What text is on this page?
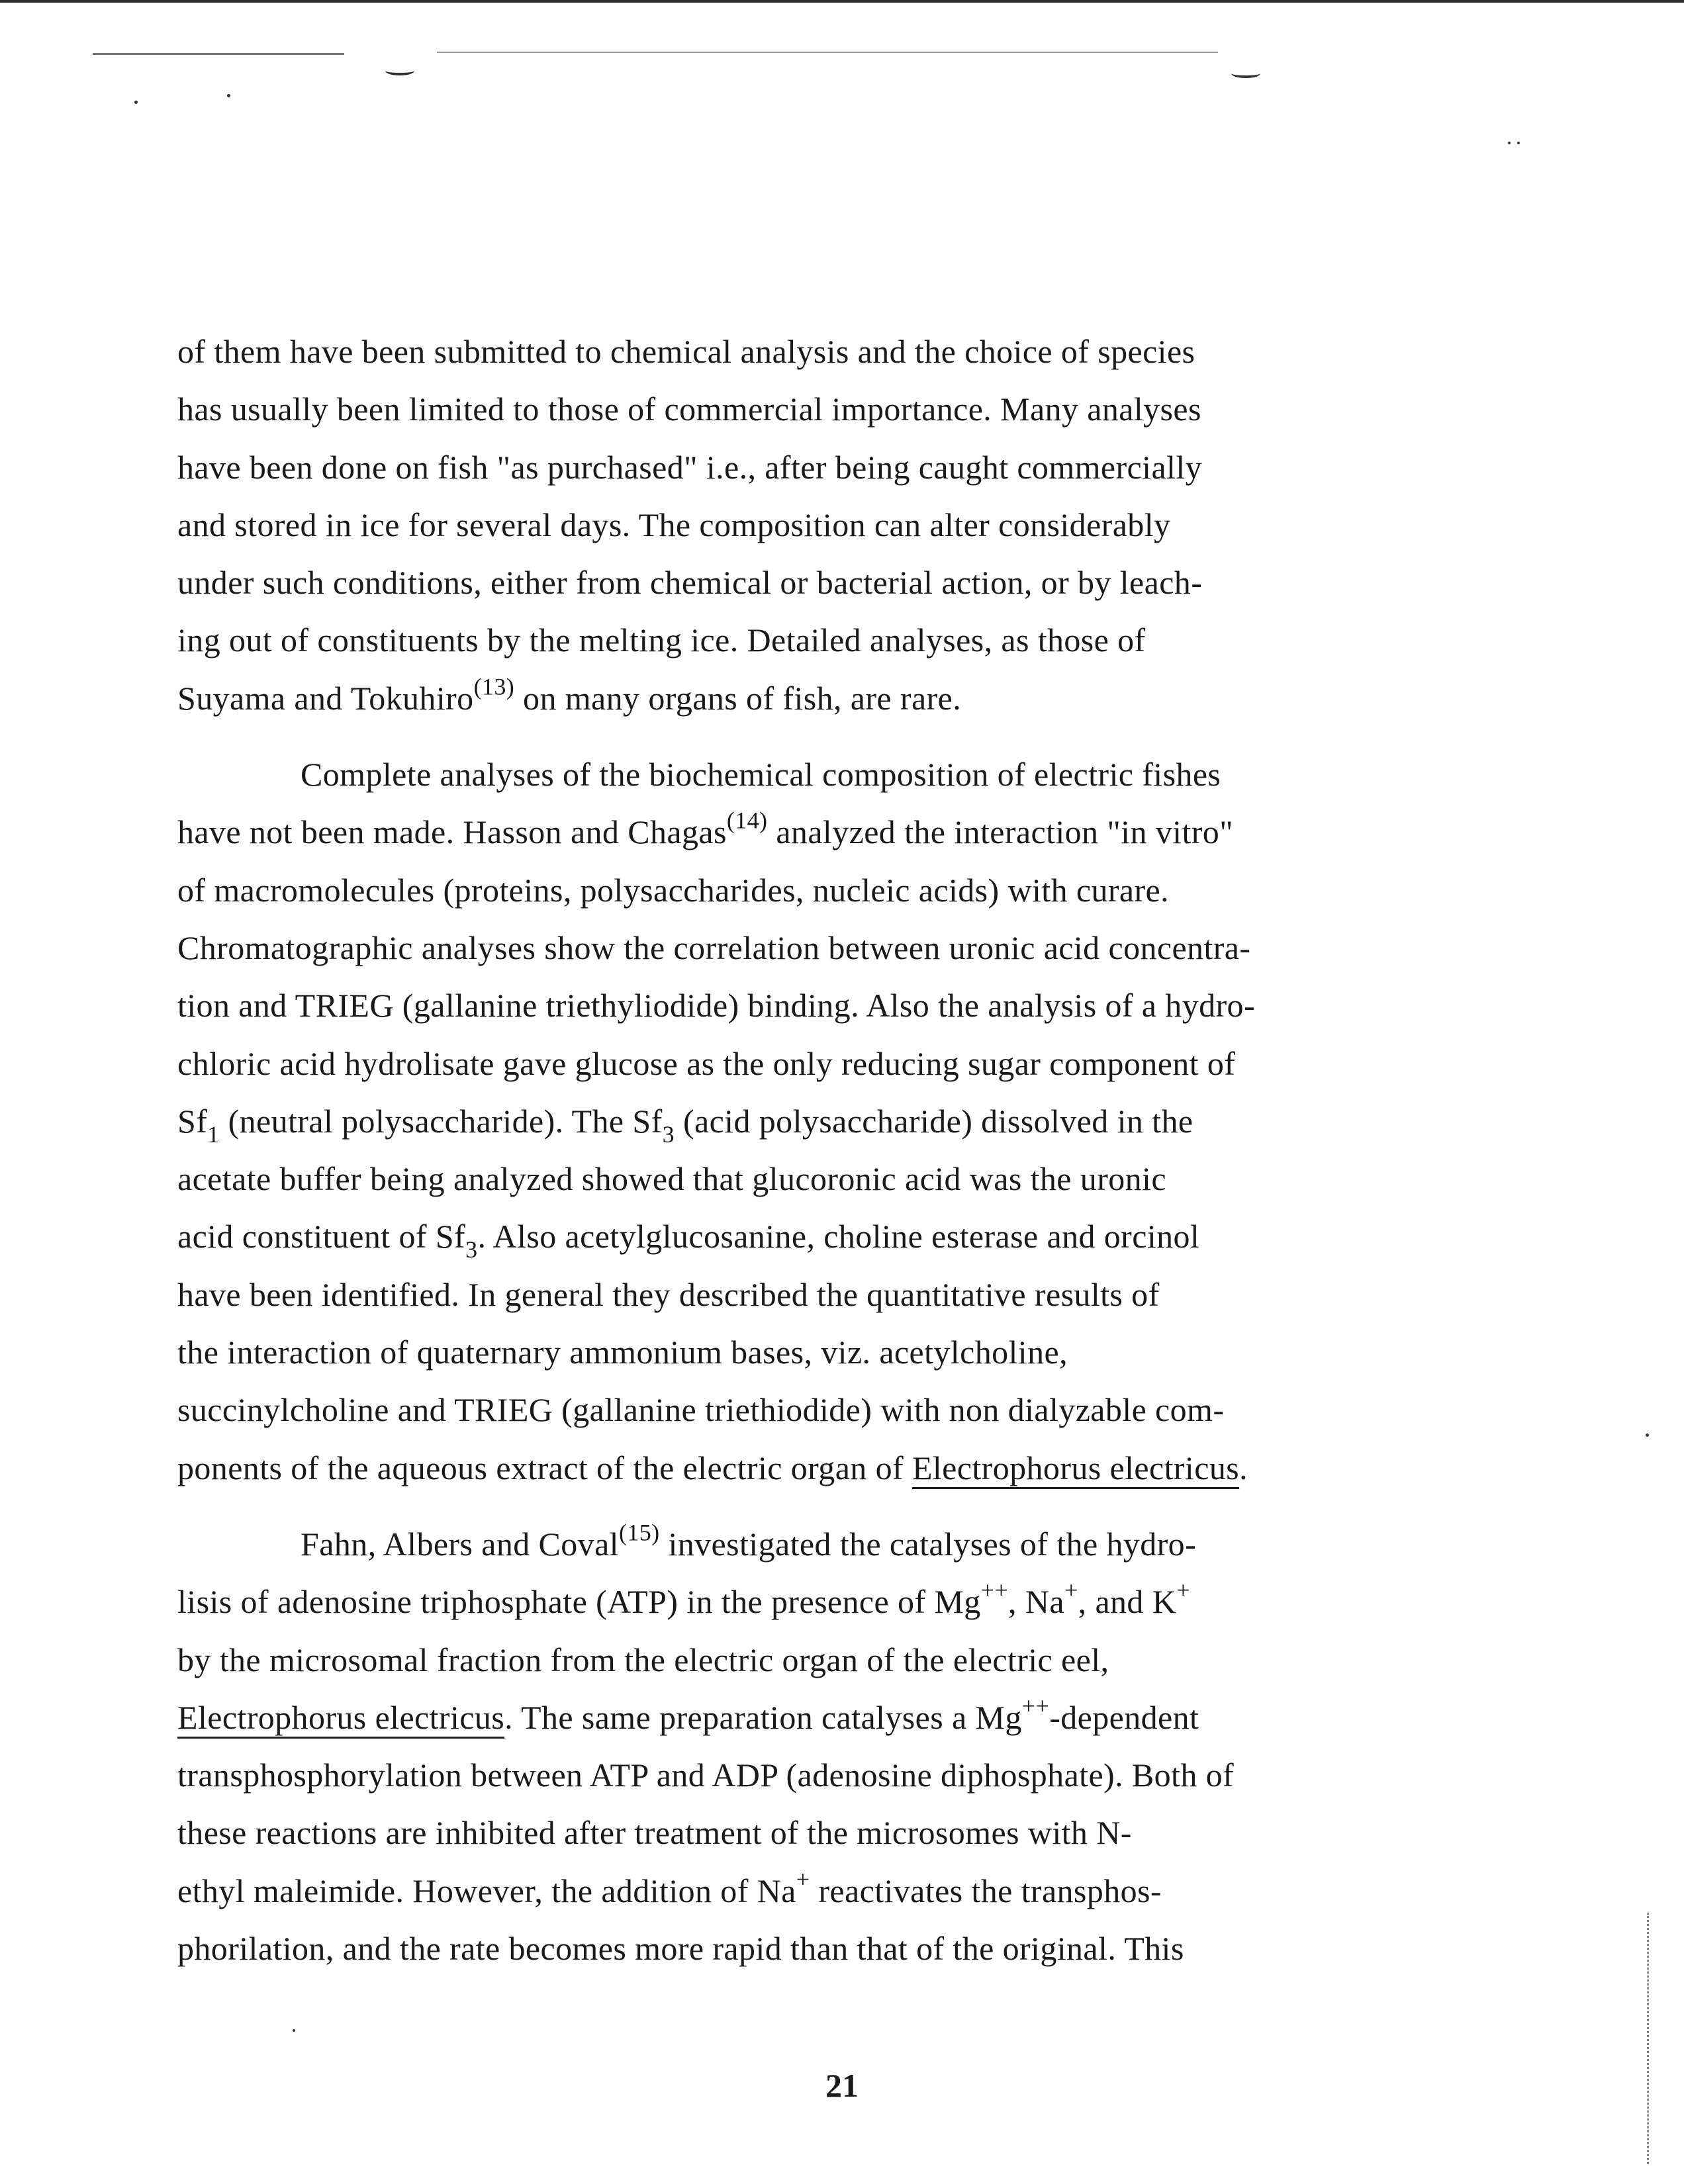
of them have been submitted to chemical analysis and the choice of species
has usually been limited to those of commercial importance. Many analyses
have been done on fish "as purchased" i.e., after being caught commercially
and stored in ice for several days. The composition can alter considerably
under such conditions, either from chemical or bacterial action, or by leach-
ing out of constituents by the melting ice. Detailed analyses, as those of
Suyama and Tokuhiro$^{(13)}$ on many organs of fish, are rare.
Complete analyses of the biochemical composition of electric fishes
have not been made. Hasson and Chagas$^{(14)}$ analyzed the interaction "in vitro"
of macromolecules (proteins, polysaccharides, nucleic acids) with curare.
Chromatographic analyses show the correlation between uronic acid concentra-
tion and TRIEG (gallanine triethyliodide) binding. Also the analysis of a hydro-
chloric acid hydrolisate gave glucose as the only reducing sugar component of
$Sf_1$ (neutral polysaccharide). The $Sf_3$ (acid polysaccharide) dissolved in the
acetate buffer being analyzed showed that glucoronic acid was the uronic
acid constituent of $Sf_3$. Also acetylglucosanine, choline esterase and orcinol
have been identified. In general they described the quantitative results of
the interaction of quaternary ammonium bases, viz. acetylcholine,
succinylcholine and TRIEG (gallanine triethiodide) with non dialyzable com-
ponents of the aqueous extract of the electric organ of Electrophorus electricus.
Fahn, Albers and Coval$^{(15)}$ investigated the catalyses of the hydro-
lisis of adenosine triphosphate (ATP) in the presence of Mg++, Na+, and K+
by the microsomal fraction from the electric organ of the electric eel,
Electrophorus electricus. The same preparation catalyses a Mg++-dependent
transphosphorylation between ATP and ADP (adenosine diphosphate). Both of
these reactions are inhibited after treatment of the microsomes with N-
ethyl maleimide. However, the addition of Na+ reactivates the transphos-
phorilation, and the rate becomes more rapid than that of the original. This
21
